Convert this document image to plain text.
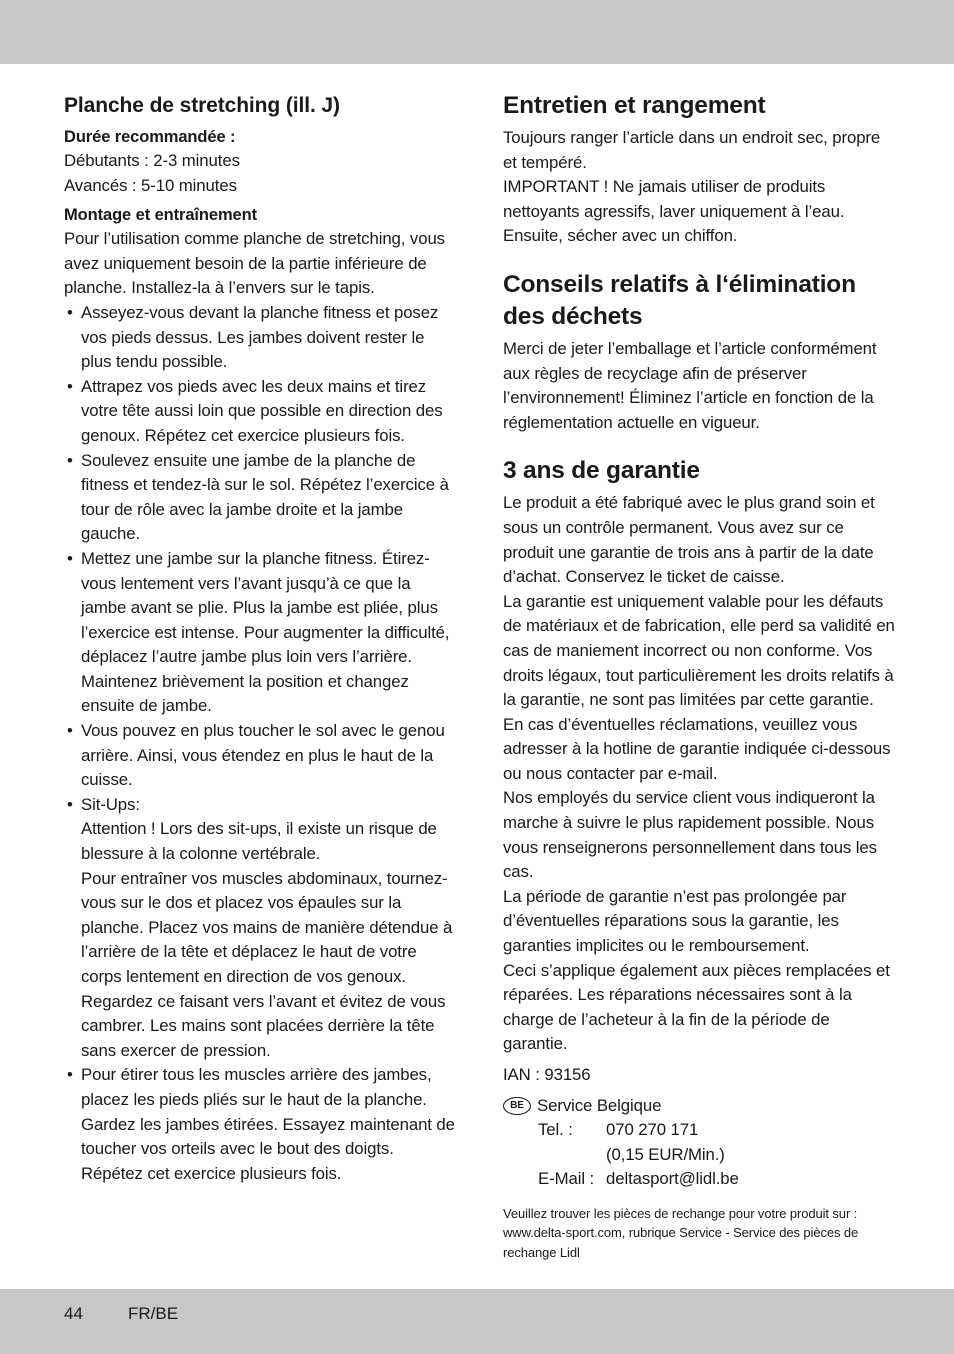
Planche de stretching (ill. J)
Durée recommandée :

Débutants : 2-3 minutes

Avancés : 5-10 minutes

Montage et entraînement

Pour l’utilisation comme planche de stretching, vous avez uniquement besoin de la partie inférieure de planche. Installez-la à l’envers sur le tapis.

• Asseyez-vous devant la planche fitness et posez vos pieds dessus. Les jambes doivent rester le plus tendu possible.
• Attrapez vos pieds avec les deux mains et tirez votre tête aussi loin que possible en direction des genoux. Répétez cet exercice plusieurs fois.
• Soulevez ensuite une jambe de la planche de fitness et tendez-là sur le sol. Répétez l’exercice à tour de rôle avec la jambe droite et la jambe gauche.
• Mettez une jambe sur la planche fitness. Étirez-vous lentement vers l’avant jusqu’à ce que la jambe avant se plie. Plus la jambe est pliée, plus l’exercice est intense. Pour augmenter la difficulté, déplacez l’autre jambe plus loin vers l’arrière. Maintenez brièvement la position et changez ensuite de jambe.
• Vous pouvez en plus toucher le sol avec le genou arrière. Ainsi, vous étendez en plus le haut de la cuisse.
• Sit-Ups:
Attention ! Lors des sit-ups, il existe un risque de blessure à la colonne vertébrale.
Pour entraîner vos muscles abdominaux, tournez-vous sur le dos et placez vos épaules sur la planche. Placez vos mains de manière détendue à l’arrière de la tête et déplacez le haut de votre corps lentement en direction de vos genoux. Regardez ce faisant vers l’avant et évitez de vous cambrer. Les mains sont placées derrière la tête sans exercer de pression.
• Pour étirer tous les muscles arrière des jambes, placez les pieds pliés sur le haut de la planche. Gardez les jambes étirées. Essayez maintenant de toucher vos orteils avec le bout des doigts. Répétez cet exercice plusieurs fois.
Entretien et rangement

Toujours ranger l’article dans un endroit sec, propre et tempéré.

IMPORTANT ! Ne jamais utiliser de produits nettoyants agressifs, laver uniquement à l’eau. Ensuite, sécher avec un chiffon.

Conseils relatifs à l‘élimination des déchets

Merci de jeter l’emballage et l’article conformément aux règles de recyclage afin de préserver l’environnement! Éliminez l’article en fonction de la réglementation actuelle en vigueur.

3 ans de garantie

Le produit a été fabriqué avec le plus grand soin et sous un contrôle permanent. Vous avez sur ce produit une garantie de trois ans à partir de la date d’achat. Conservez le ticket de caisse.

La garantie est uniquement valable pour les défauts de matériaux et de fabrication, elle perd sa validité en cas de maniement incorrect ou non conforme. Vos droits légaux, tout particulièrement les droits relatifs à la garantie, ne sont pas limitées par cette garantie.

En cas d’éventuelles réclamations, veuillez vous adresser à la hotline de garantie indiquée ci-dessous ou nous contacter par e-mail.

Nos employés du service client vous indiqueront la marche à suivre le plus rapidement possible. Nous vous renseignerons personnellement dans tous les cas.

La période de garantie n’est pas prolongée par d’éventuelles réparations sous la garantie, les garanties implicites ou le remboursement.

Ceci s’applique également aux pièces remplacées et réparées. Les réparations nécessaires sont à la charge de l’acheteur à la fin de la période de garantie.

IAN : 93156

BE Service Belgique
Tel. :	070 270 171
(0,15 EUR/Min.)
E-Mail : deltasport@lidl.be

Veuillez trouver les pièces de rechange pour votre produit sur : www.delta-sport.com, rubrique Service - Service des pièces de rechange Lidl

44	FR/BE
